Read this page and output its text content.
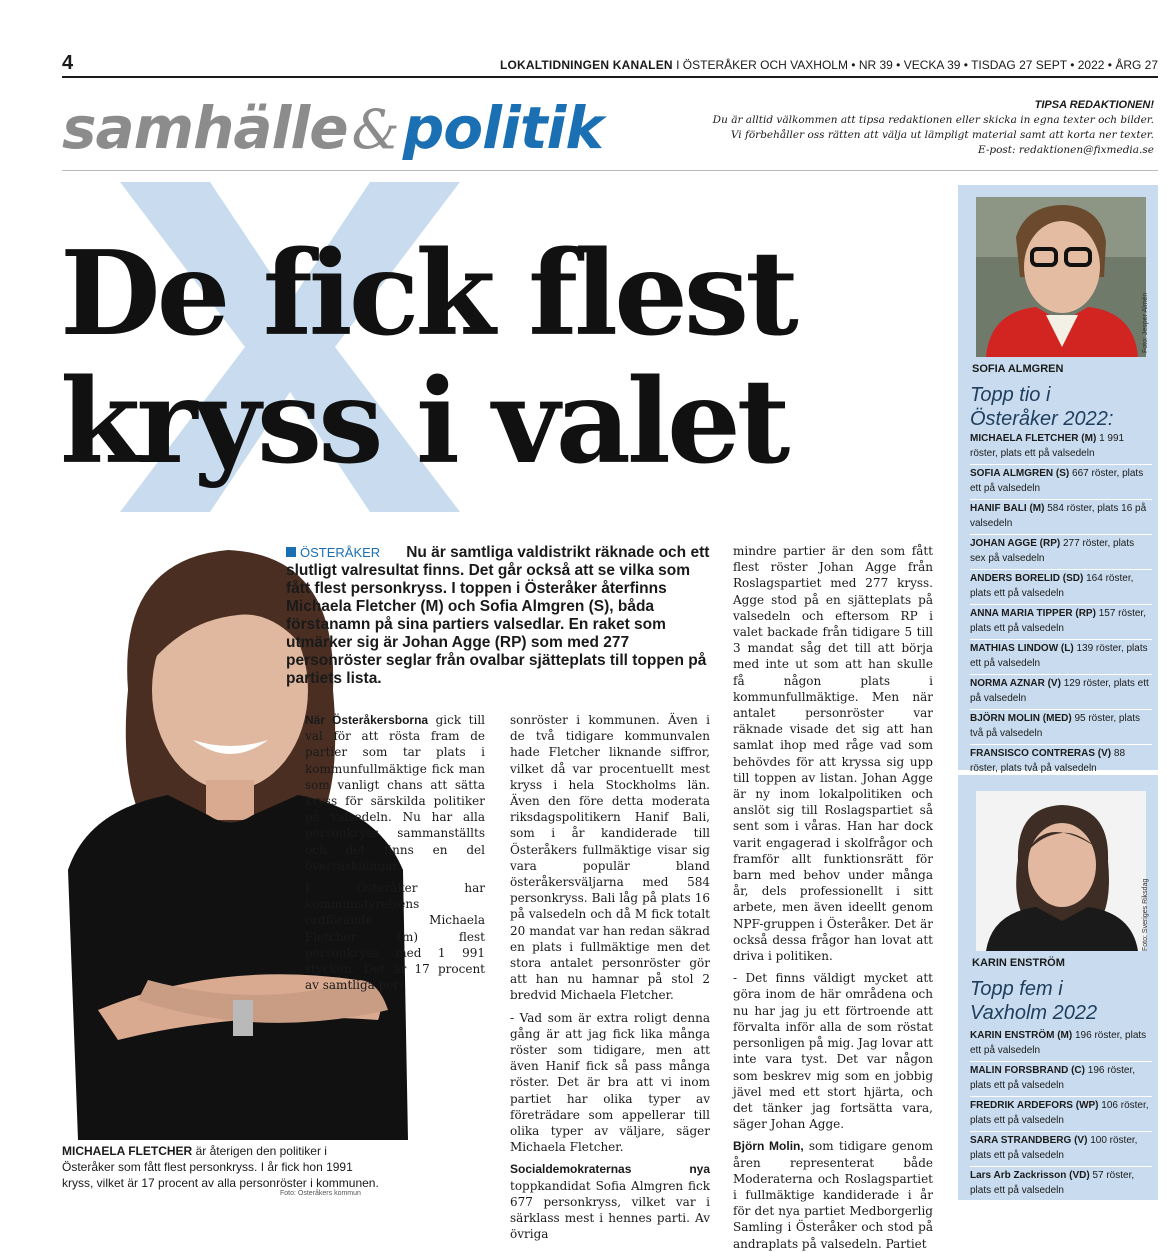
4	LOKALTIDNINGEN KANALEN I ÖSTERÅKER OCH VAXHOLM • NR 39 • VECKA 39 • TISDAG 27 SEPT • 2022 • ÅRG 27
samhälle&politik	TIPSA REDAKTIONEN!
Du är alltid välkommen att tipsa redaktionen eller skicka in egna texter och bilder.
Vi förbehåller oss rätten att välja ut lämpligt material samt att korta ner texter.
E-post: redaktionen@fixmedia.se
De fick flest
kryss i valet
MICHAELA FLETCHER är återigen den politiker i Österåker som fått flest personkryss. I år fick hon 1991 kryss, vilket är 17 procent av alla personröster i kommunen.
Foto: Österåkers kommun
ÖSTERÅKER Nu är samtliga valdistrikt räknade och ett slutligt valresultat finns. Det går också att se vilka som fått flest personkryss. I toppen i Österåker återfinns Michaela Fletcher (M) och Sofia Almgren (S), båda förstanamn på sina partiers valsedlar. En raket som utmärker sig är Johan Agge (RP) som med 277 personröster seglar från ovalbar sjätteplats till toppen på partiets lista.
När Österåkersborna gick till val för att rösta fram de partier som tar plats i kommunfullmäktige fick man som vanligt chans att sätta kryss för särskilda politiker på valsedeln. Nu har alla personkryss sammanställts och det finns en del överraskningar.

I Österåker har kommunstyrelsens ordförande Michaela Fletcher (m) flest personkryss med 1 991 stycken. Det är 17 procent av samtliga per-

sonröster i kommunen. Även i de två tidigare kommunvalen hade Fletcher liknande siffror, vilket då var procentuellt mest kryss i hela Stockholms län. Även den före detta moderata riksdagspolitikern Hanif Bali, som i år kandiderade till Österåkers fullmäktige visar sig vara populär bland österåkersväljarna med 584 personkryss. Bali låg på plats 16 på valsedeln och då M fick totalt 20 mandat var han redan säkrad en plats i fullmäktige men det stora antalet personröster gör att han nu hamnar på stol 2 bredvid Michaela Fletcher.

- Vad som är extra roligt denna gång är att jag fick lika många röster som tidigare, men att även Hanif fick så pass många röster. Det är bra att vi inom partiet har olika typer av företrädare som appellerar till olika typer av väljare, säger Michaela Fletcher.

Socialdemokraternas nya toppkandidat Sofia Almgren fick 677 personkryss, vilket var i särklass mest i hennes parti. Av övriga

mindre partier är den som fått flest röster Johan Agge från Roslagspartiet med 277 kryss. Agge stod på en sjätteplats på valsedeln och eftersom RP i valet backade från tidigare 5 till 3 mandat såg det till att börja med inte ut som att han skulle få någon plats i kommunfullmäktige. Men när antalet personröster var räknade visade det sig att han samlat ihop med råge vad som behövdes för att kryssa sig upp till toppen av listan. Johan Agge är ny inom lokalpolitiken och anslöt sig till Roslagspartiet så sent som i våras. Han har dock varit engagerad i skolfrågor och framför allt funktionsrätt för barn med behov under många år, dels professionellt i sitt arbete, men även ideellt genom NPF-gruppen i Österåker. Det är också dessa frågor han lovat att driva i politiken.

- Det finns väldigt mycket att göra inom de här områdena och nu har jag ju ett förtroende att förvalta inför alla de som röstat personligen på mig. Jag lovar att inte vara tyst. Det var någon som beskrev mig som en jobbig jävel med ett stort hjärta, och det tänker jag fortsätta vara, säger Johan Agge.

Björn Molin, som tidigare genom åren representerat både Moderaterna och Roslagspartiet i fullmäktige kandiderade i år för det nya partiet Medborgerlig Samling i Österåker och stod på andraplats på valsedeln. Partiet

Foto: Jesper Almén
SOFIA ALMGREN
Topp tio i
Österåker 2022:
MICHAELA FLETCHER (M) 1 991 röster, plats ett på valsedeln
SOFIA ALMGREN (S) 667 röster, plats ett på valsedeln
HANIF BALI (M) 584 röster, plats 16 på valsedeln
JOHAN AGGE (RP) 277 röster, plats sex på valsedeln
ANDERS BORELID (SD) 164 röster, plats ett på valsedeln
ANNA MARIA TIPPER (RP) 157 röster, plats ett på valsedeln
MATHIAS LINDOW (L) 139 röster, plats ett på valsedeln
NORMA AZNAR (V) 129 röster, plats ett på valsedeln
BJÖRN MOLIN (MED) 95 röster, plats två på valsedeln
FRANSISCO CONTRERAS (V) 88 röster, plats två på valsedeln
Foto: Sveriges Riksdag
KARIN ENSTRÖM
Topp fem i
Vaxholm 2022
KARIN ENSTRÖM (M) 196 röster, plats ett på valsedeln
MALIN FORSBRAND (C) 196 röster, plats ett på valsedeln
FREDRIK ARDEFORS (WP) 106 röster, plats ett på valsedeln
SARA STRANDBERG (V) 100 röster, plats ett på valsedeln
Lars Arb Zackrisson (VD) 57 röster, plats ett på valsedeln
